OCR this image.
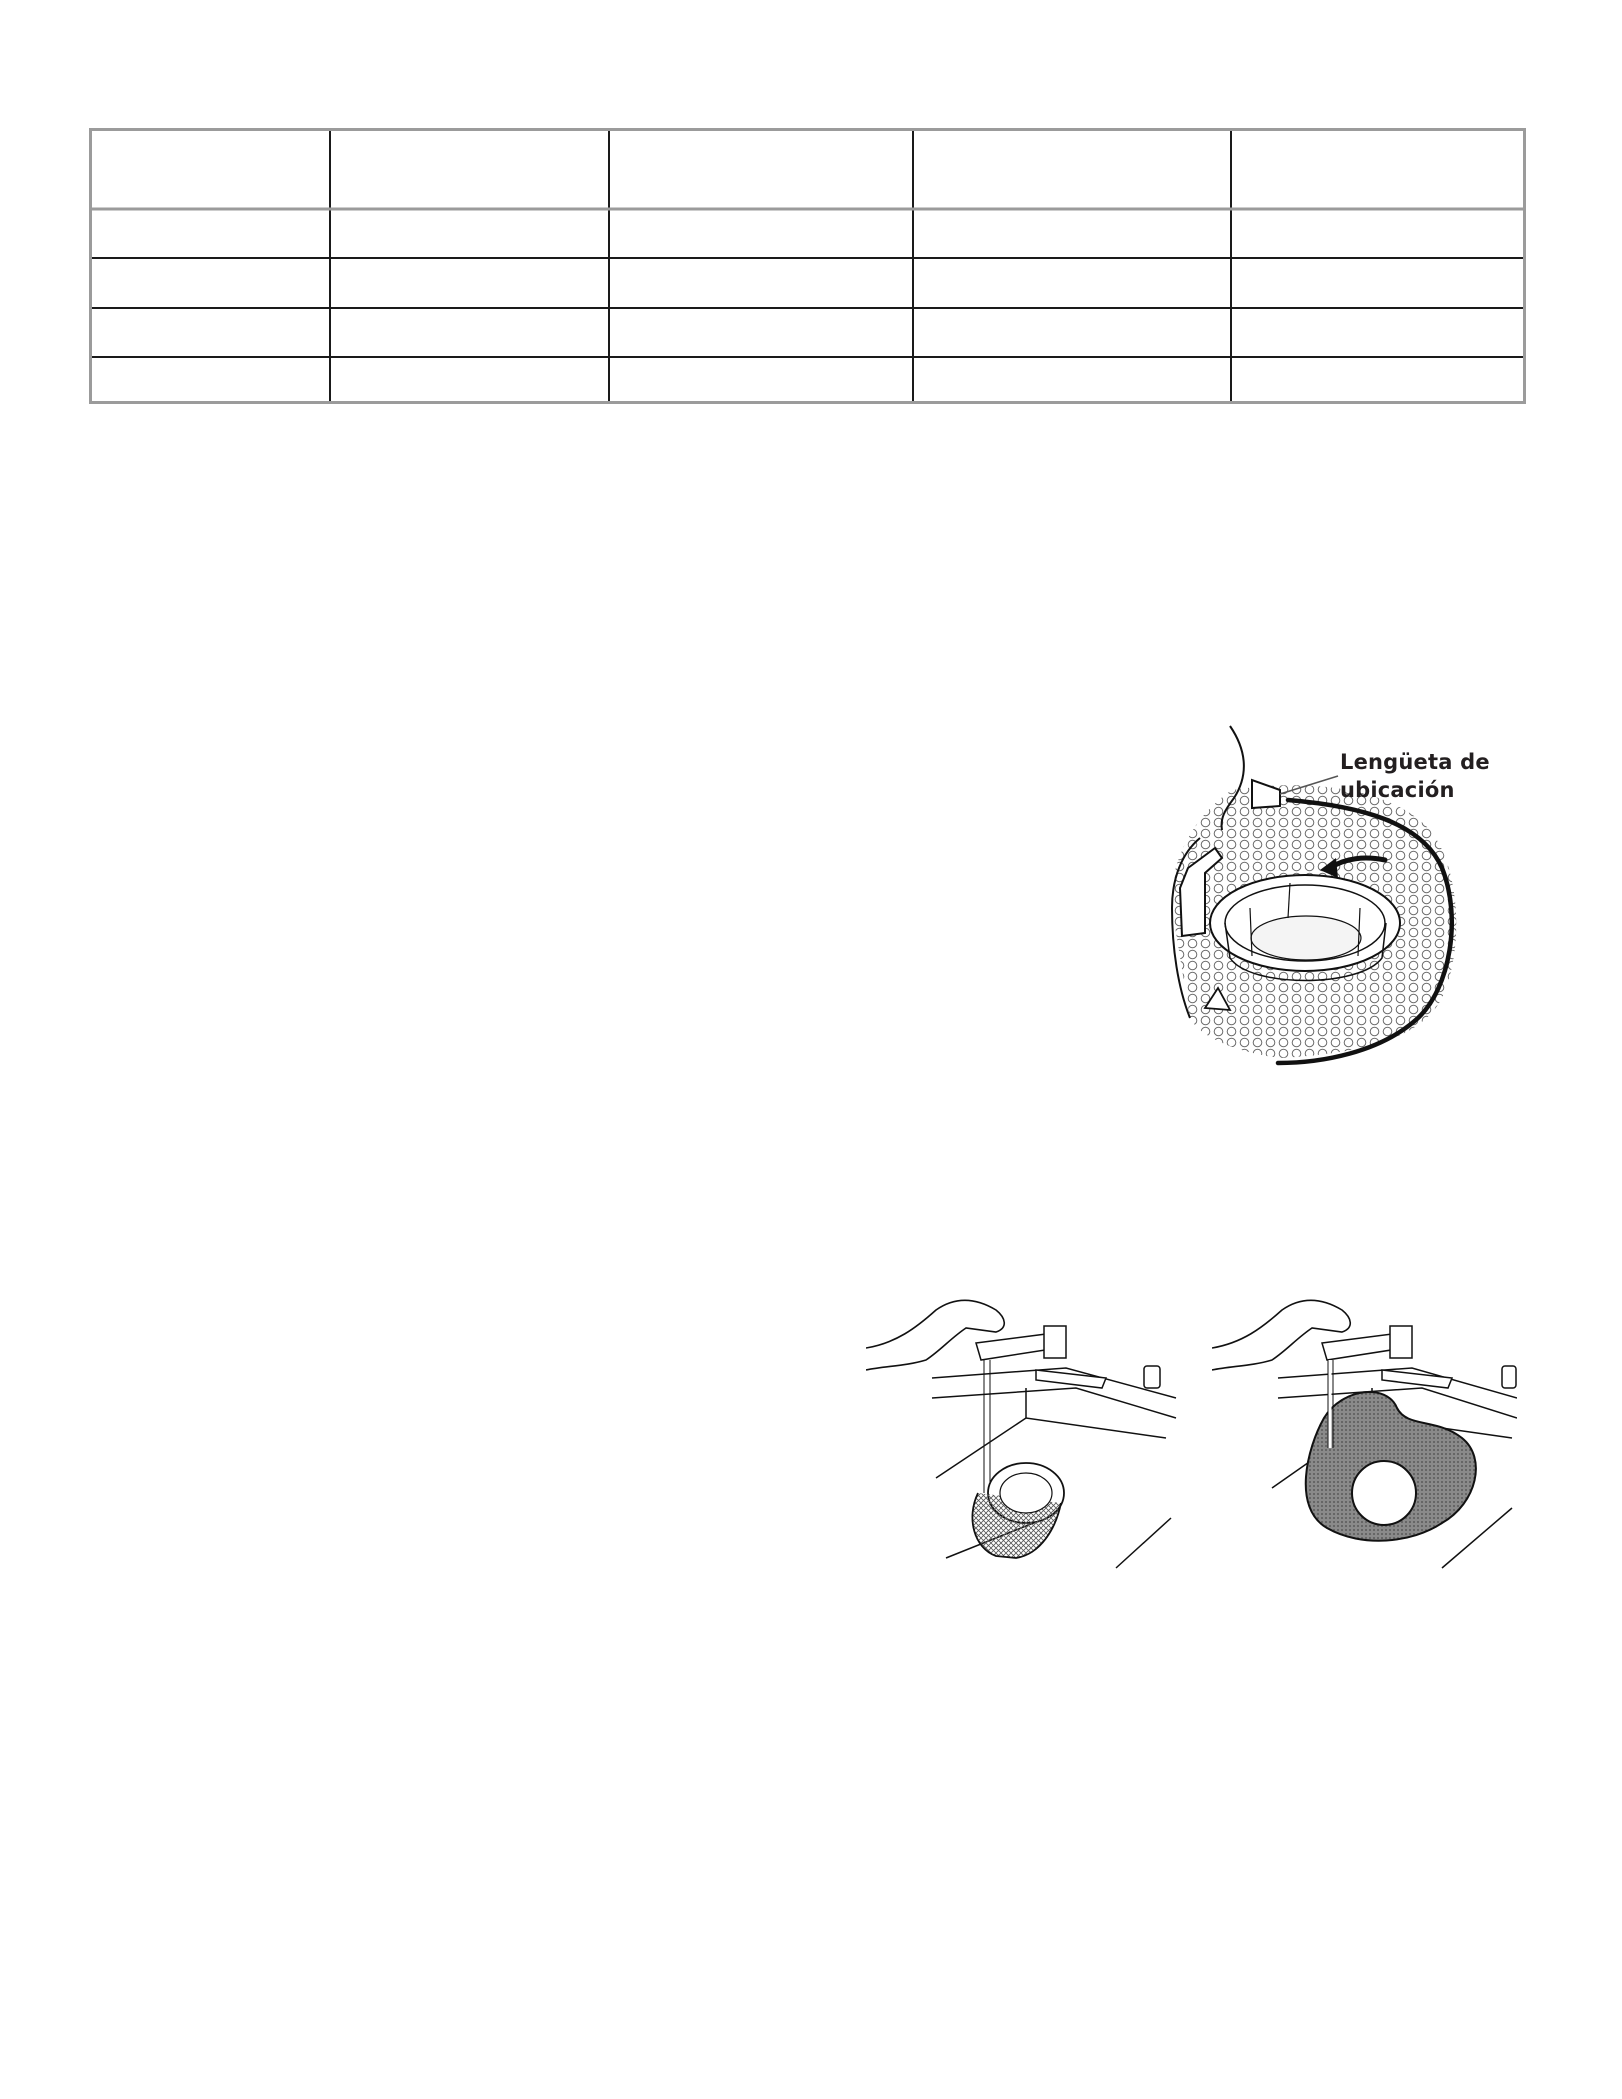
Lengüeta de
ubicación
